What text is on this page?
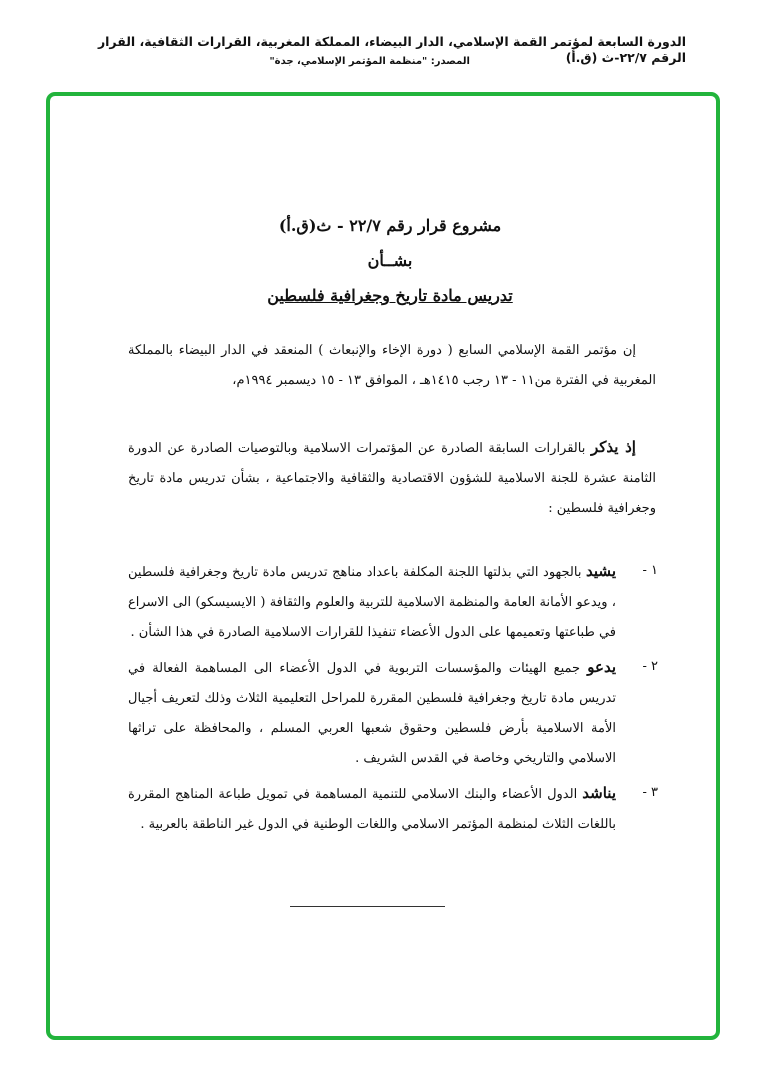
الدورة السابعة لمؤتمر القمة الإسلامي، الدار البيضاء، المملكة المغربية، القرارات الثقافية، القرار الرقم ٢٢/٧-ث (ق.أ)
المصدر: "منظمة المؤتمر الإسلامي، جدة"
مشروع قرار رقم ٢٢/٧ - ث(ق.أ)
بشــأن
تدريس مادة تاريخ وجغرافية فلسطين
إن مؤتمر القمة الإسلامي السابع ( دورة الإخاء والإنبعاث ) المنعقد في الدار البيضاء بالمملكة المغربية في الفترة من١١ - ١٣ رجب ١٤١٥هـ ، الموافق ١٣ - ١٥ ديسمبر ١٩٩٤م،
إذ يذكر بالقرارات السابقة الصادرة عن المؤتمرات الاسلامية وبالتوصيات الصادرة عن الدورة الثامنة عشرة للجنة الاسلامية للشؤون الاقتصادية والثقافية والاجتماعية ، بشأن تدريس مادة تاريخ وجغرافية فلسطين :
١ -
يشيد بالجهود التي بذلتها اللجنة المكلفة باعداد مناهج تدريس مادة تاريخ وجغرافية فلسطين ، ويدعو الأمانة العامة والمنظمة الاسلامية للتربية والعلوم والثقافة ( الايسيسكو) الى الاسراع في طباعتها وتعميمها على الدول الأعضاء تنفيذا للقرارات الاسلامية الصادرة في هذا الشأن .
٢ -
يدعو جميع الهيئات والمؤسسات التربوية في الدول الأعضاء الى المساهمة الفعالة في تدريس مادة تاريخ وجغرافية فلسطين المقررة للمراحل التعليمية الثلاث وذلك لتعريف أجيال الأمة الاسلامية بأرض فلسطين وحقوق شعبها العربي المسلم ، والمحافظة على تراثها الاسلامي والتاريخي وخاصة في القدس الشريف .
٣ -
يناشد الدول الأعضاء والبنك الاسلامي للتنمية المساهمة في تمويل طباعة المناهج المقررة باللغات الثلاث لمنظمة المؤتمر الاسلامي واللغات الوطنية في الدول غير الناطقة بالعربية .
